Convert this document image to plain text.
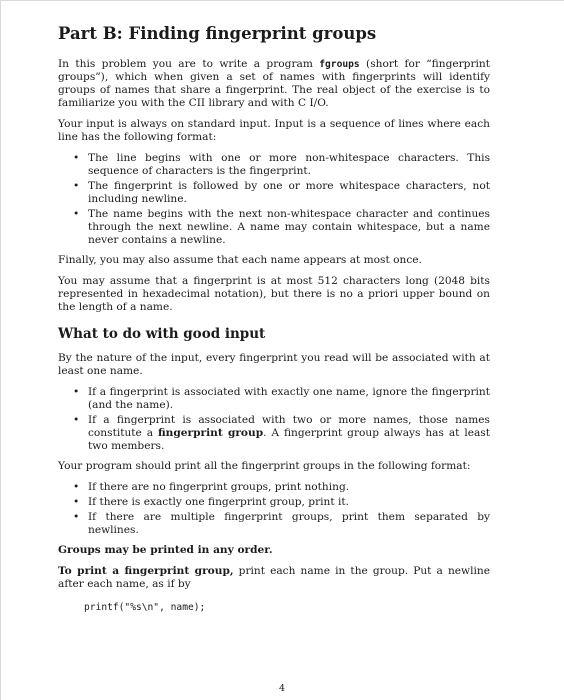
Part B: Finding fingerprint groups

In this problem you are to write a program fgroups (short for “fingerprint groups”), which when given a set of names with fingerprints will identify groups of names that share a fingerprint. The real object of the exercise is to familiarize you with the CII library and with C I/O.

Your input is always on standard input. Input is a sequence of lines where each line has the following format:

• The line begins with one or more non-whitespace characters. This sequence of characters is the fingerprint.
• The fingerprint is followed by one or more whitespace characters, not including newline.
• The name begins with the next non-whitespace character and continues through the next newline. A name may contain whitespace, but a name never contains a newline.

Finally, you may also assume that each name appears at most once.

You may assume that a fingerprint is at most 512 characters long (2048 bits represented in hexadecimal notation), but there is no a priori upper bound on the length of a name.

What to do with good input

By the nature of the input, every fingerprint you read will be associated with at least one name.

• If a fingerprint is associated with exactly one name, ignore the fingerprint (and the name).
• If a fingerprint is associated with two or more names, those names constitute a fingerprint group. A fingerprint group always has at least two members.

Your program should print all the fingerprint groups in the following format:

• If there are no fingerprint groups, print nothing.
• If there is exactly one fingerprint group, print it.
• If there are multiple fingerprint groups, print them separated by newlines.

Groups may be printed in any order.

To print a fingerprint group, print each name in the group. Put a newline after each name, as if by

printf("%s\n", name);
4
